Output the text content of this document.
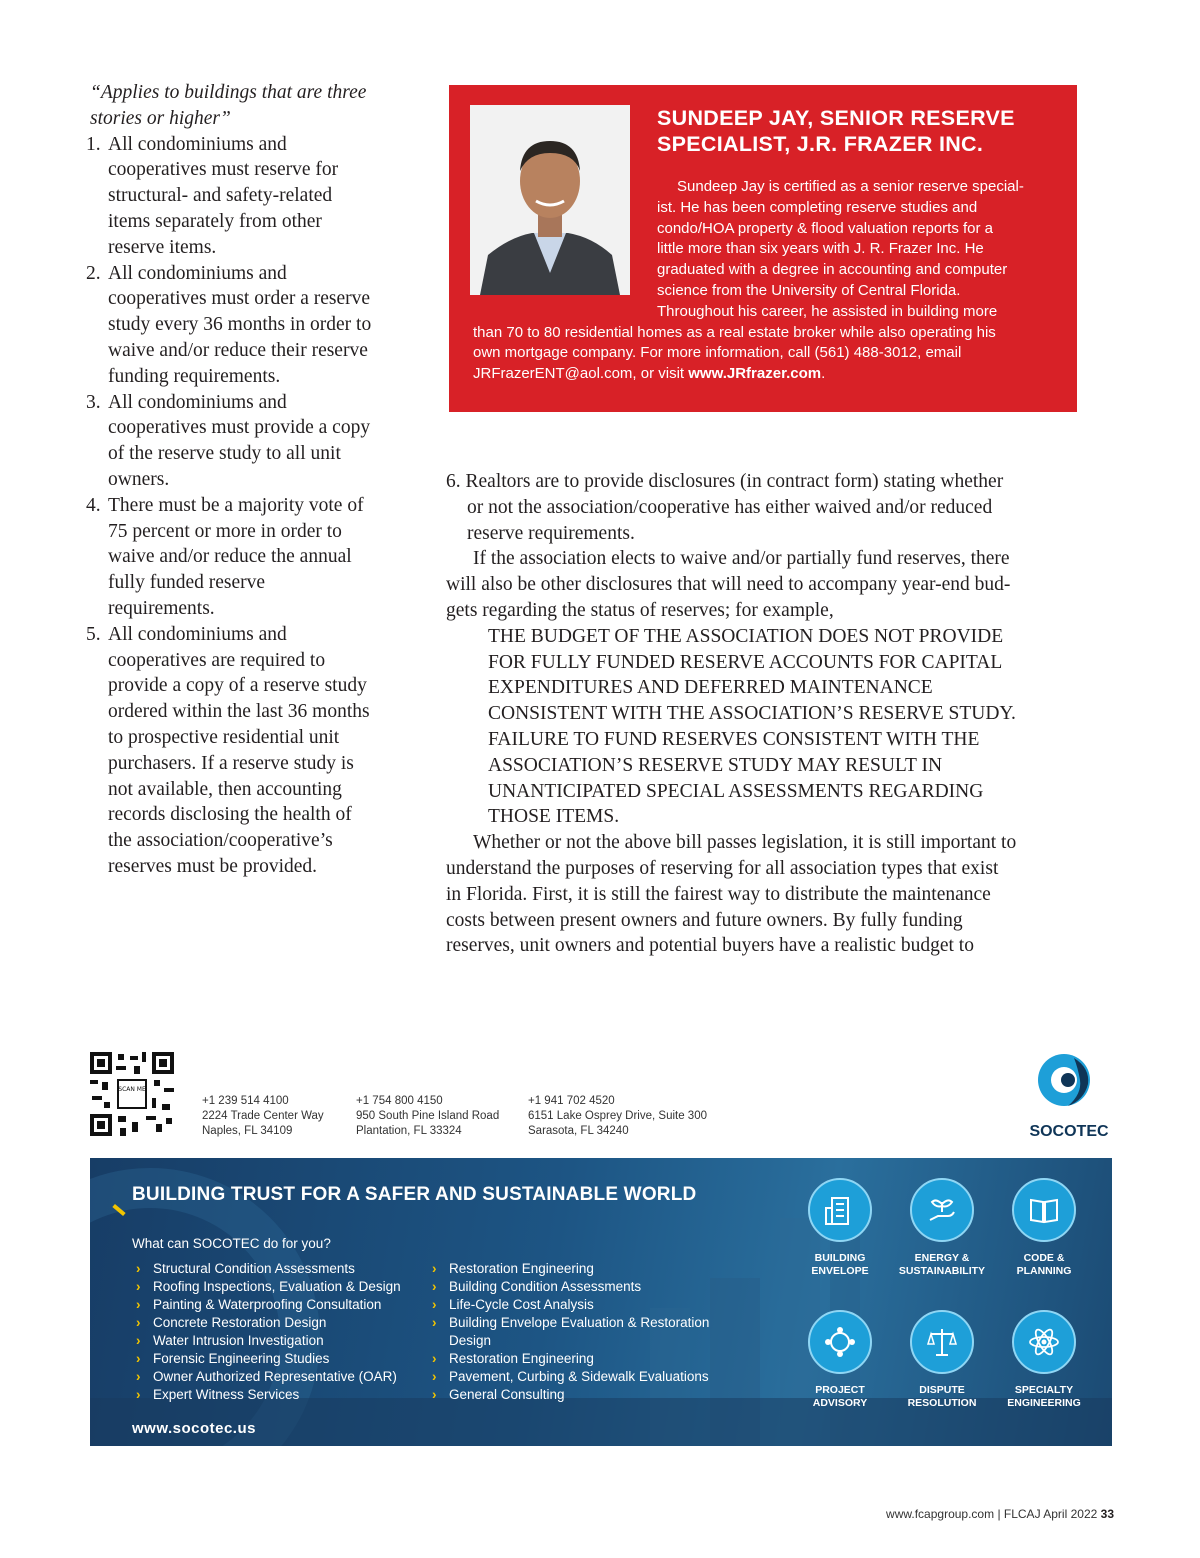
“Applies to buildings that are three stories or higher”
1. All condominiums and cooperatives must reserve for structural- and safety-related items separately from other reserve items.
2. All condominiums and cooperatives must order a reserve study every 36 months in order to waive and/or reduce their reserve funding requirements.
3. All condominiums and cooperatives must provide a copy of the reserve study to all unit owners.
4. There must be a majority vote of 75 percent or more in order to waive and/or reduce the annual fully funded reserve requirements.
5. All condominiums and cooperatives are required to provide a copy of a reserve study ordered within the last 36 months to prospective residential unit purchasers. If a reserve study is not available, then accounting records disclosing the health of the association/cooperative’s reserves must be provided.
SUNDEEP JAY, SENIOR RESERVE
SPECIALIST, J.R. FRAZER INC.
Sundeep Jay is certified as a senior reserve special-
ist. He has been completing reserve studies and
condo/HOA property & flood valuation reports for a
little more than six years with J. R. Frazer Inc. He
graduated with a degree in accounting and computer
science from the University of Central Florida.
Throughout his career, he assisted in building more
than 70 to 80 residential homes as a real estate broker while also operating his
own mortgage company. For more information, call (561) 488-3012, email
JRFrazerENT@aol.com, or visit www.JRfrazer.com.

6. Realtors are to provide disclosures (in contract form) stating whether
or not the association/cooperative has either waived and/or reduced
reserve requirements.

If the association elects to waive and/or partially fund reserves, there
will also be other disclosures that will need to accompany year-end bud-
gets regarding the status of reserves; for example,

THE BUDGET OF THE ASSOCIATION DOES NOT PROVIDE
FOR FULLY FUNDED RESERVE ACCOUNTS FOR CAPITAL
EXPENDITURES AND DEFERRED MAINTENANCE
CONSISTENT WITH THE ASSOCIATION’S RESERVE STUDY.
FAILURE TO FUND RESERVES CONSISTENT WITH THE
ASSOCIATION’S RESERVE STUDY MAY RESULT IN
UNANTICIPATED SPECIAL ASSESSMENTS REGARDING
THOSE ITEMS.

Whether or not the above bill passes legislation, it is still important to
understand the purposes of reserving for all association types that exist
in Florida. First, it is still the fairest way to distribute the maintenance
costs between present owners and future owners. By fully funding
reserves, unit owners and potential buyers have a realistic budget to

SCAN ME
+1 239 514 4100
2224 Trade Center Way
Naples, FL 34109
+1 754 800 4150
950 South Pine Island Road
Plantation, FL 33324
+1 941 702 4520
6151 Lake Osprey Drive, Suite 300
Sarasota, FL 34240	SOCOTEC
BUILDING TRUST FOR A SAFER AND SUSTAINABLE WORLD
What can SOCOTEC do for you?
› Structural Condition Assessments
› Roofing Inspections, Evaluation & Design
› Painting & Waterproofing Consultation
› Concrete Restoration Design
› Water Intrusion Investigation
› Forensic Engineering Studies
› Owner Authorized Representative (OAR)
› Expert Witness Services
› Restoration Engineering
› Building Condition Assessments
› Life-Cycle Cost Analysis
› Building Envelope Evaluation & Restoration Design
› Restoration Engineering
› Pavement, Curbing & Sidewalk Evaluations
› General Consulting
www.socotec.us
BUILDING
ENVELOPE
ENERGY &
SUSTAINABILITY
CODE &
PLANNING
PROJECT
ADVISORY
DISPUTE
RESOLUTION
SPECIALTY
ENGINEERING
www.fcapgroup.com | FLCAJ April 2022 33
